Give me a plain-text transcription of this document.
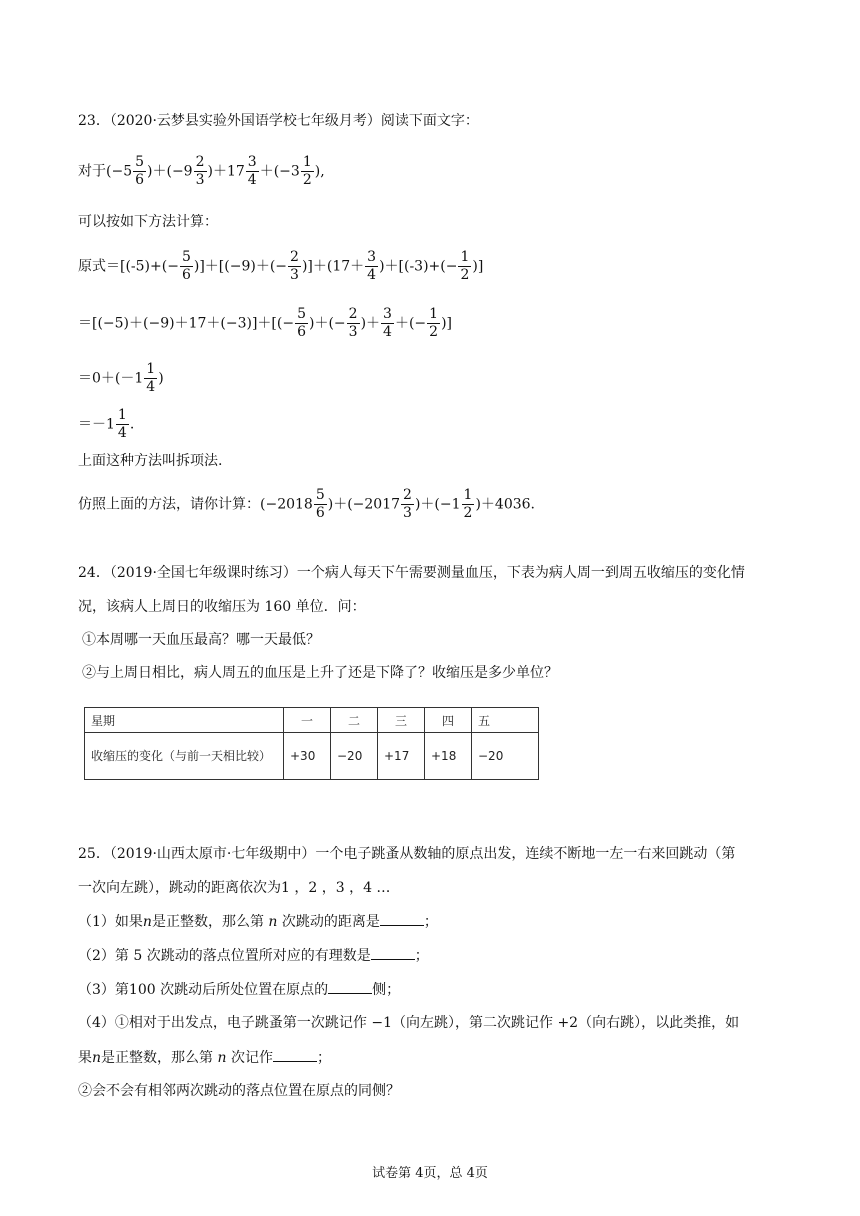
23．（2020·云梦县实验外国语学校七年级月考）阅读下面文字：
对于$(-5 \frac{5}{6} )+(-9 \frac{2}{3} )+17 \frac{3}{4} +(-3 \frac{1}{2}$ ),
可以按如下方法计算：
原式$=[(-5)+(- \frac{5}{6} )]+[(-9)+(- \frac{2}{3} )]+(17+ \frac{3}{4} )+[(-3)+(- \frac{1}{2}$ )]
$=[(-5)+(-9)+17+(-3)]+[(- \frac{5}{6}$ )＋(− $\frac{2}{3}$ )＋ $\frac{3}{4}$ ＋(− $\frac{1}{2}$ )]
$=0+(-1 \frac{1}{4}$ )
$=-1 \frac{1}{4}$ .
上面这种方法叫拆项法.
仿照上面的方法，请你计算：$(-2018 \frac{5}{6} )+(-2017 \frac{2}{3} )+(-1 \frac{1}{2} )+4036$.
24．（2019·全国七年级课时练习）一个病人每天下午需要测量血压，下表为病人周一到周五收缩压的变化情
况，该病人上周日的收缩压为 160 单位．问：
①本周哪一天血压最高？哪一天最低？
②与上周日相比，病人周五的血压是上升了还是下降了？收缩压是多少单位？
星期	一	二	三	四	五
收缩压的变化（与前一天相比较）	+30	−20	+17	+18	−20
25．（2019·山西太原市·七年级期中）一个电子跳蚤从数轴的原点出发，连续不断地一左一右来回跳动（第
一次向左跳），跳动的距离依次为1 ，2 ，3 ，4 …
（1）如果n是正整数，那么第 n 次跳动的距离是	；
（2）第 5 次跳动的落点位置所对应的有理数是	；
（3）第100 次跳动后所处位置在原点的	侧；
（4）①相对于出发点，电子跳蚤第一次跳记作 −1（向左跳），第二次跳记作 +2（向右跳），以此类推，如
果n是正整数，那么第 n 次记作	；
②会不会有相邻两次跳动的落点位置在原点的同侧？
试卷第 4页，总 4页
